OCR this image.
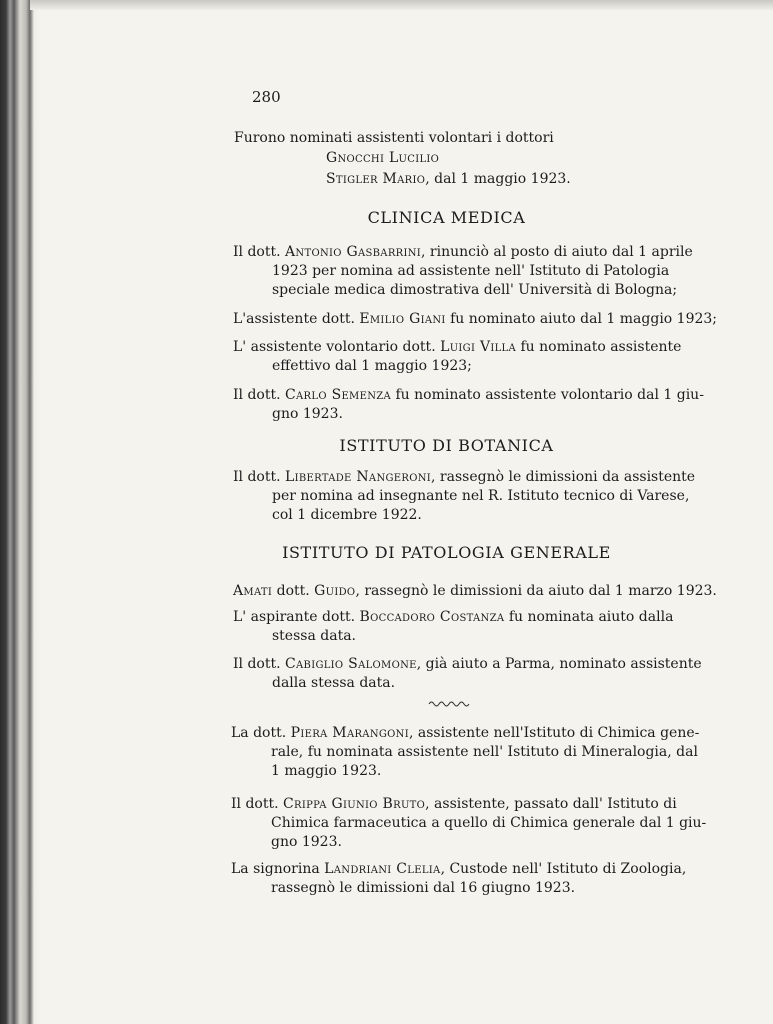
280
Furono nominati assistenti volontari i dottori
Gnocchi Lucilio
Stigler Mario, dal 1 maggio 1923.
CLINICA MEDICA
Il dott. Antonio Gasbarrini, rinunciò al posto di aiuto dal 1 aprile
1923 per nomina ad assistente nell' Istituto di Patologia
speciale medica dimostrativa dell' Università di Bologna;
L'assistente dott. Emilio Giani fu nominato aiuto dal 1 maggio 1923;
L' assistente volontario dott. Luigi Villa fu nominato assistente
effettivo dal 1 maggio 1923;
Il dott. Carlo Semenza fu nominato assistente volontario dal 1 giu-
gno 1923.
ISTITUTO DI BOTANICA
Il dott. Libertade Nangeroni, rassegnò le dimissioni da assistente
per nomina ad insegnante nel R. Istituto tecnico di Varese,
col 1 dicembre 1922.
ISTITUTO DI PATOLOGIA GENERALE
Amati dott. Guido, rassegnò le dimissioni da aiuto dal 1 marzo 1923.
L' aspirante dott. Boccadoro Costanza fu nominata aiuto dalla
stessa data.
Il dott. Cabiglio Salomone, già aiuto a Parma, nominato assistente
dalla stessa data.
La dott. Piera Marangoni, assistente nell'Istituto di Chimica gene-
rale, fu nominata assistente nell' Istituto di Mineralogia, dal
1 maggio 1923.
Il dott. Crippa Giunio Bruto, assistente, passato dall' Istituto di
Chimica farmaceutica a quello di Chimica generale dal 1 giu-
gno 1923.
La signorina Landriani Clelia, Custode nell' Istituto di Zoologia,
rassegnò le dimissioni dal 16 giugno 1923.
